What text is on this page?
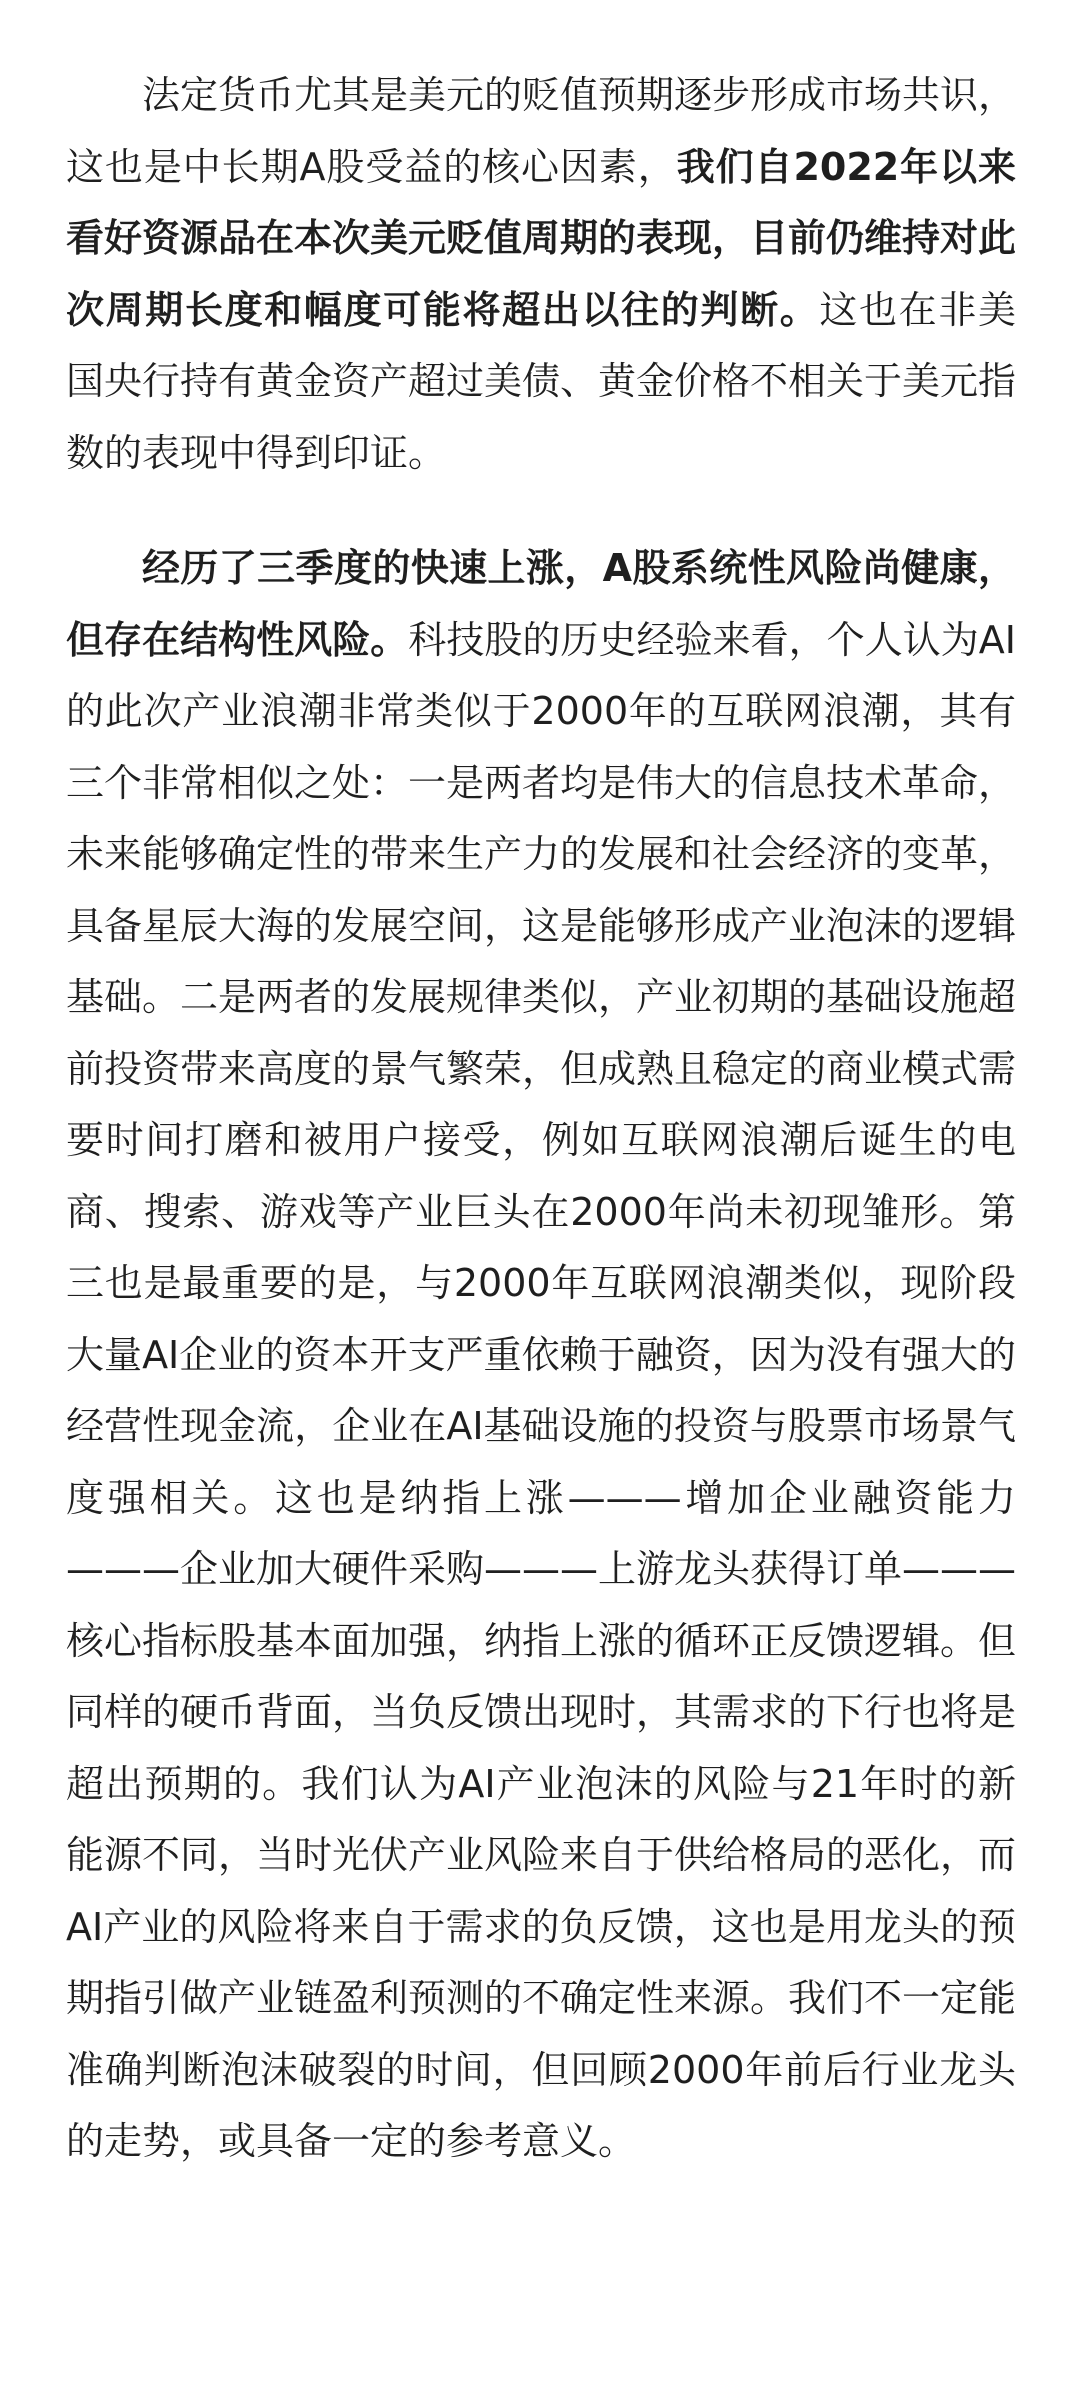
法定货币尤其是美元的贬值预期逐步形成市场共识，这也是中长期A股受益的核心因素，我们自2022年以来看好资源品在本次美元贬值周期的表现，目前仍维持对此次周期长度和幅度可能将超出以往的判断。这也在非美国央行持有黄金资产超过美债、黄金价格不相关于美元指数的表现中得到印证。

经历了三季度的快速上涨，A股系统性风险尚健康，但存在结构性风险。科技股的历史经验来看，个人认为AI的此次产业浪潮非常类似于2000年的互联网浪潮，其有三个非常相似之处：一是两者均是伟大的信息技术革命，未来能够确定性的带来生产力的发展和社会经济的变革，具备星辰大海的发展空间，这是能够形成产业泡沫的逻辑基础。二是两者的发展规律类似，产业初期的基础设施超前投资带来高度的景气繁荣，但成熟且稳定的商业模式需要时间打磨和被用户接受，例如互联网浪潮后诞生的电商、搜索、游戏等产业巨头在2000年尚未初现雏形。第三也是最重要的是，与2000年互联网浪潮类似，现阶段大量AI企业的资本开支严重依赖于融资，因为没有强大的经营性现金流，企业在AI基础设施的投资与股票市场景气度强相关。这也是纳指上涨———增加企业融资能力———企业加大硬件采购———上游龙头获得订单———核心指标股基本面加强，纳指上涨的循环正反馈逻辑。但同样的硬币背面，当负反馈出现时，其需求的下行也将是超出预期的。我们认为AI产业泡沫的风险与21年时的新能源不同，当时光伏产业风险来自于供给格局的恶化，而AI产业的风险将来自于需求的负反馈，这也是用龙头的预期指引做产业链盈利预测的不确定性来源。我们不一定能准确判断泡沫破裂的时间，但回顾2000年前后行业龙头的走势，或具备一定的参考意义。
